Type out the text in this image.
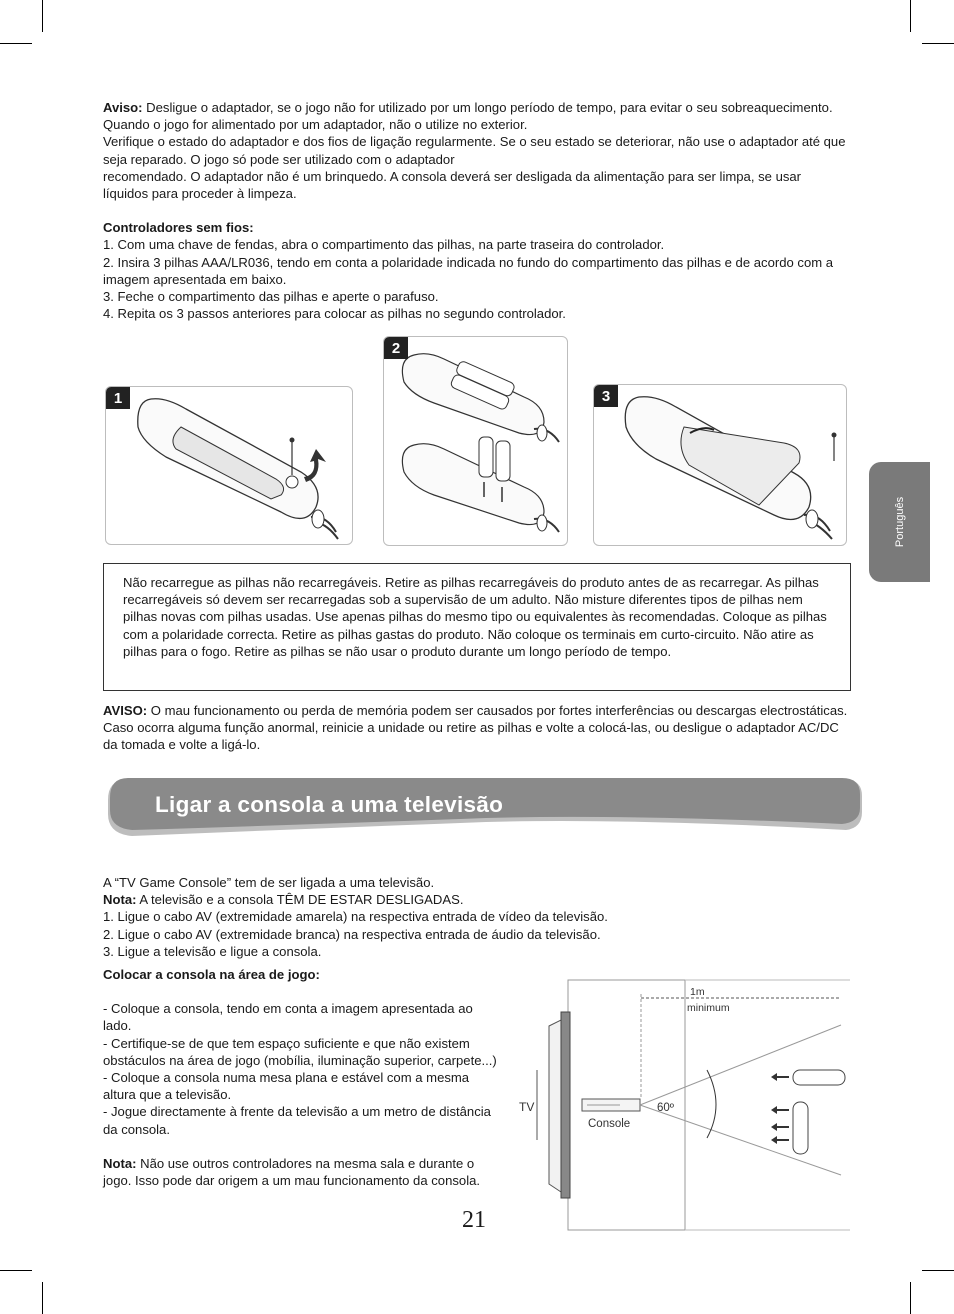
Aviso: Desligue o adaptador, se o jogo não for utilizado por um longo período de tempo, para evitar o seu sobreaquecimento. Quando o jogo for alimentado por um adaptador, não o utilize no exterior.

Verifique o estado do adaptador e dos fios de ligação regularmente. Se o seu estado se deteriorar, não use o adaptador até que seja reparado. O jogo só pode ser utilizado com o adaptador

recomendado. O adaptador não é um brinquedo. A consola deverá ser desligada da alimentação para ser limpa, se usar líquidos para proceder à limpeza.

Controladores sem fios:

1. Com uma chave de fendas, abra o compartimento das pilhas, na parte traseira do controlador.

2. Insira 3 pilhas AAA/LR036, tendo em conta a polaridade indicada no fundo do compartimento das pilhas e de acordo com a imagem apresentada em baixo.

3. Feche o compartimento das pilhas e aperte o parafuso.

4. Repita os 3 passos anteriores para colocar as pilhas no segundo controlador.

1
2
3
Não recarregue as pilhas não recarregáveis. Retire as pilhas recarregáveis do produto antes de as recarregar. As pilhas recarregáveis só devem ser recarregadas sob a supervisão de um adulto. Não misture diferentes tipos de pilhas nem pilhas novas com pilhas usadas. Use apenas pilhas do mesmo tipo ou equivalentes às recomendadas. Coloque as pilhas com a polaridade correcta. Retire as pilhas gastas do produto. Não coloque os terminais em curto-circuito. Não atire as pilhas para o fogo. Retire as pilhas se não usar o produto durante um longo período de tempo.

AVISO: O mau funcionamento ou perda de memória podem ser causados por fortes interferências ou descargas electrostáticas. Caso ocorra alguma função anormal, reinicie a unidade ou retire as pilhas e volte a colocá-las, ou desligue o adaptador AC/DC da tomada e volte a ligá-lo.

Ligar a consola a uma televisão

A “TV Game Console” tem de ser ligada a uma televisão.

Nota: A televisão e a consola TÊM DE ESTAR DESLIGADAS.

1. Ligue o cabo AV (extremidade amarela) na respectiva entrada de vídeo da televisão.

2. Ligue o cabo AV (extremidade branca) na respectiva entrada de áudio da televisão.

3. Ligue a televisão e ligue a consola.

Colocar a consola na área de jogo:

- Coloque a consola, tendo em conta a imagem apresentada ao lado.

- Certifique-se de que tem espaço suficiente e que não existem obstáculos na área de jogo (mobília, iluminação superior, carpete...)

- Coloque a consola numa mesa plana e estável com a mesma altura que a televisão.

- Jogue directamente à frente da televisão a um metro de distância da consola.

Nota: Não use outros controladores na mesma sala e durante o jogo. Isso pode dar origem a um mau funcionamento da consola.

TV
Console
60º
1m
minimum
Português
21
